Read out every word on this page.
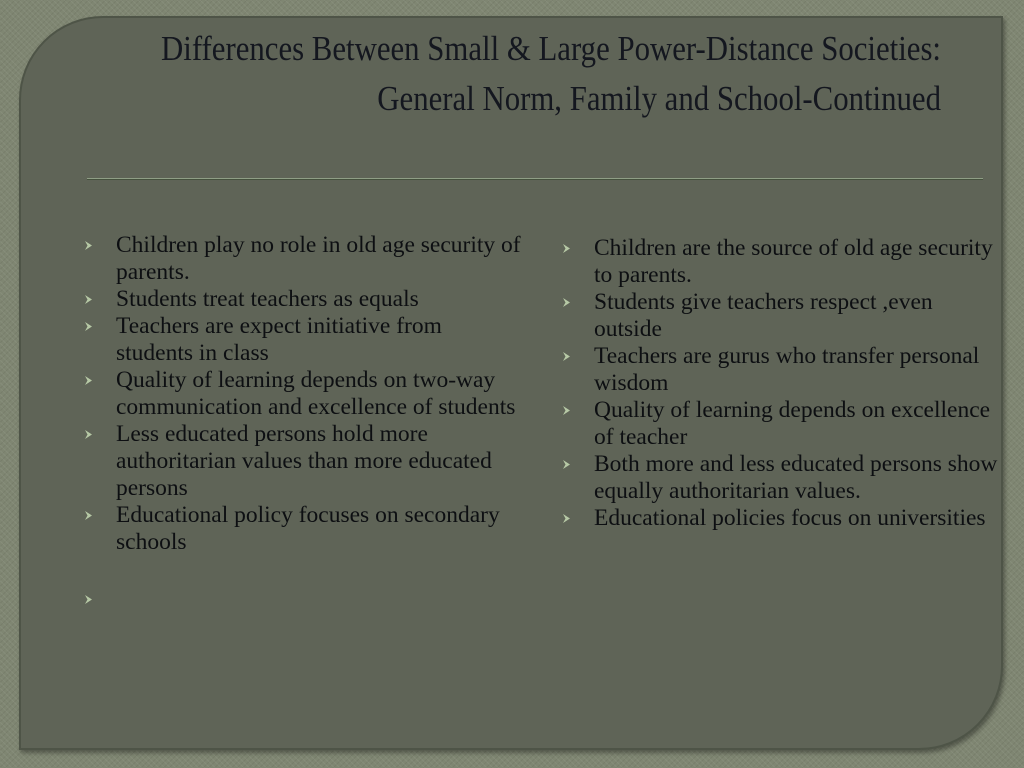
Differences Between Small & Large Power-Distance Societies: General Norm, Family and School-Continued
Children play no role in old age security of parents.
Students treat teachers as equals
Teachers are expect initiative from students in class
Quality of learning depends on two-way communication and excellence of students
Less educated persons hold more authoritarian values than more educated persons
Educational policy focuses on secondary schools
Children are the source of old age security to parents.
Students give teachers respect ,even outside
Teachers are gurus who transfer personal wisdom
Quality of learning depends on excellence of teacher
Both more and less educated persons show equally authoritarian values.
Educational policies focus on universities
